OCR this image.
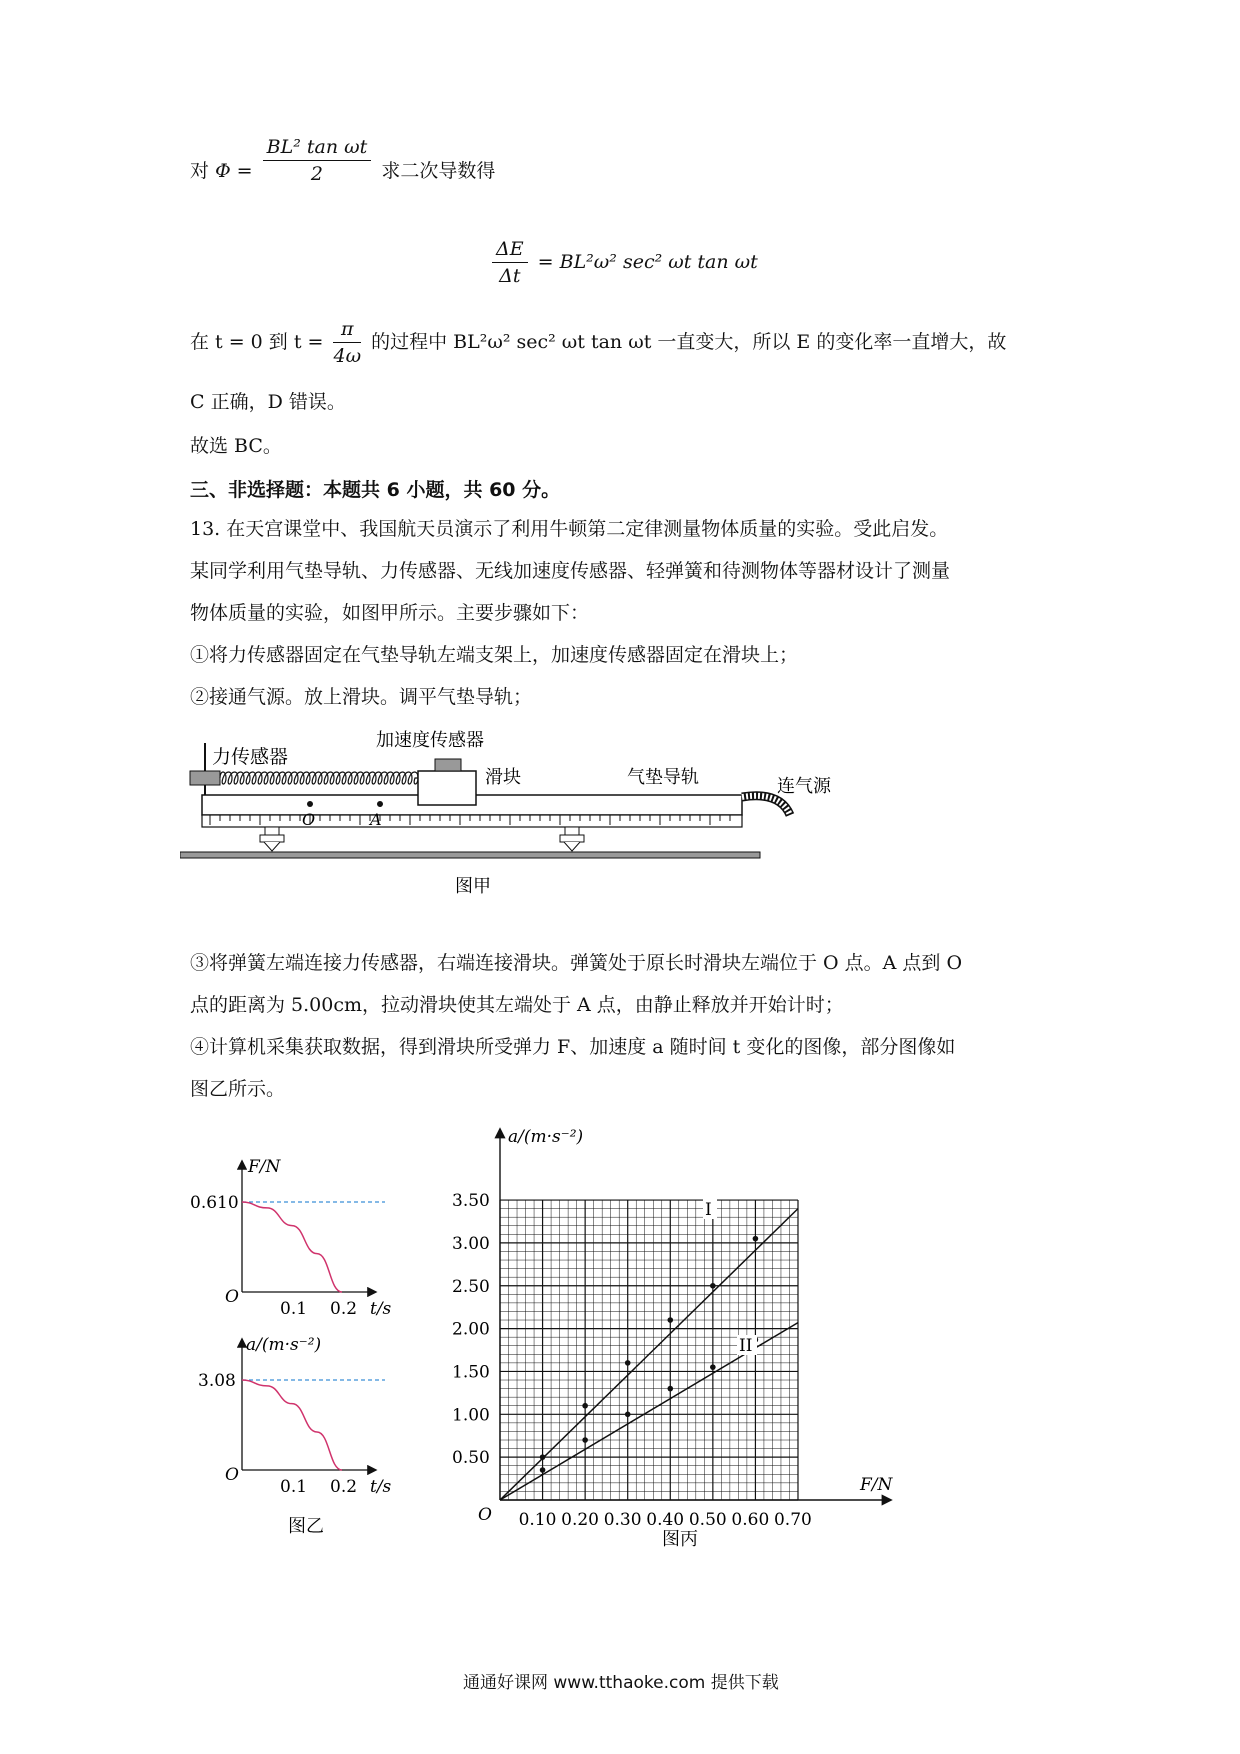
对 $\Phi = \frac{\text{BL² tan ωt}}{2}$ 求二次导数得
$\frac{\Delta E}{\Delta t} = BL^2\omega^2$ sec² ωt tan ωt
在 t = 0 到 $t = \frac{\pi}{4\omega}$ 的过程中 BL²ω² sec² ωt tan ωt 一直变大，所以 E 的变化率一直增大，故
C 正确，D 错误。
故选 BC。
三、非选择题：本题共 6 小题，共 60 分。
13. 在天宫课堂中、我国航天员演示了利用牛顿第二定律测量物体质量的实验。受此启发。
某同学利用气垫导轨、力传感器、无线加速度传感器、轻弹簧和待测物体等器材设计了测量
物体质量的实验，如图甲所示。主要步骤如下：
①将力传感器固定在气垫导轨左端支架上，加速度传感器固定在滑块上；
②接通气源。放上滑块。调平气垫导轨；
力传感器
加速度传感器
滑块	气垫导轨	连气源
O	A
图甲
③将弹簧左端连接力传感器，右端连接滑块。弹簧处于原长时滑块左端位于 O 点。A 点到 O
点的距离为 5.00cm，拉动滑块使其左端处于 A 点，由静止释放并开始计时；
④计算机采集获取数据，得到滑块所受弹力 F、加速度 a 随时间 t 变化的图像，部分图像如
图乙所示。
F/N
0.610
O
0.1 0.2 t/s
a/(m·s⁻²)
3.08
O
0.1 0.2 t/s
图乙
0.50
1.00
1.50
2.00
2.50
3.00
3.50
0.10 0.20 0.30 0.40 0.50 0.60 0.70
a/(m·s⁻²)
F/N
O
I
II
图丙
通通好课网 www.tthaoke.com 提供下载
